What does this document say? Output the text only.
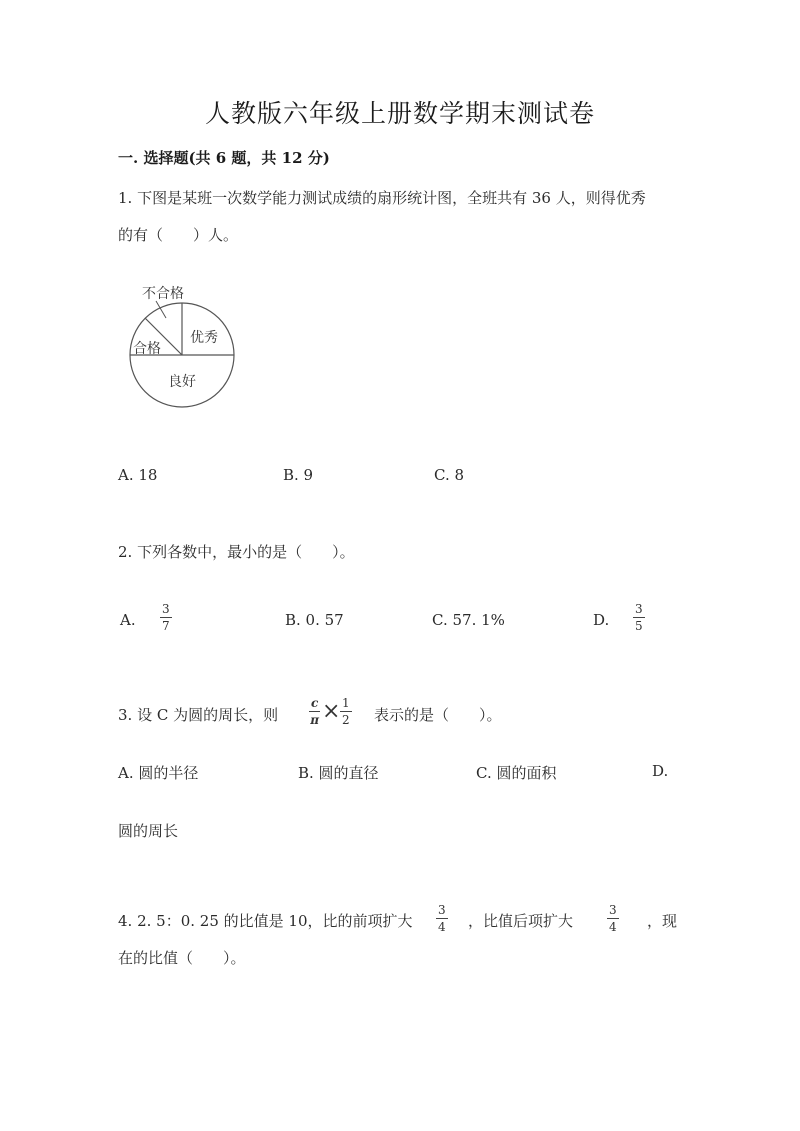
人教版六年级上册数学期末测试卷
一. 选择题(共 6 题，共 12 分)
1. 下图是某班一次数学能力测试成绩的扇形统计图，全班共有 36 人，则得优秀
的有（　　）人。
不合格
合格
优秀
良好
A. 18	B. 9	C. 8
2. 下列各数中，最小的是（　　）。
A. $\frac{3}{7}$	B. 0. 57	C. 57. 1%	D. $\frac{3}{5}$
3. 设 C 为圆的周长，则	$\frac{c}{\pi} \times \frac{1}{2}$ 表示的是（　　）。
A. 圆的半径	B. 圆的直径	C. 圆的面积	D.
圆的周长
4. 2. 5：0. 25 的比值是 10，比的前项扩大 $\frac{3}{4}$ ，比值后项扩大	$\frac{3}{4}$ ，现
在的比值（　　）。
